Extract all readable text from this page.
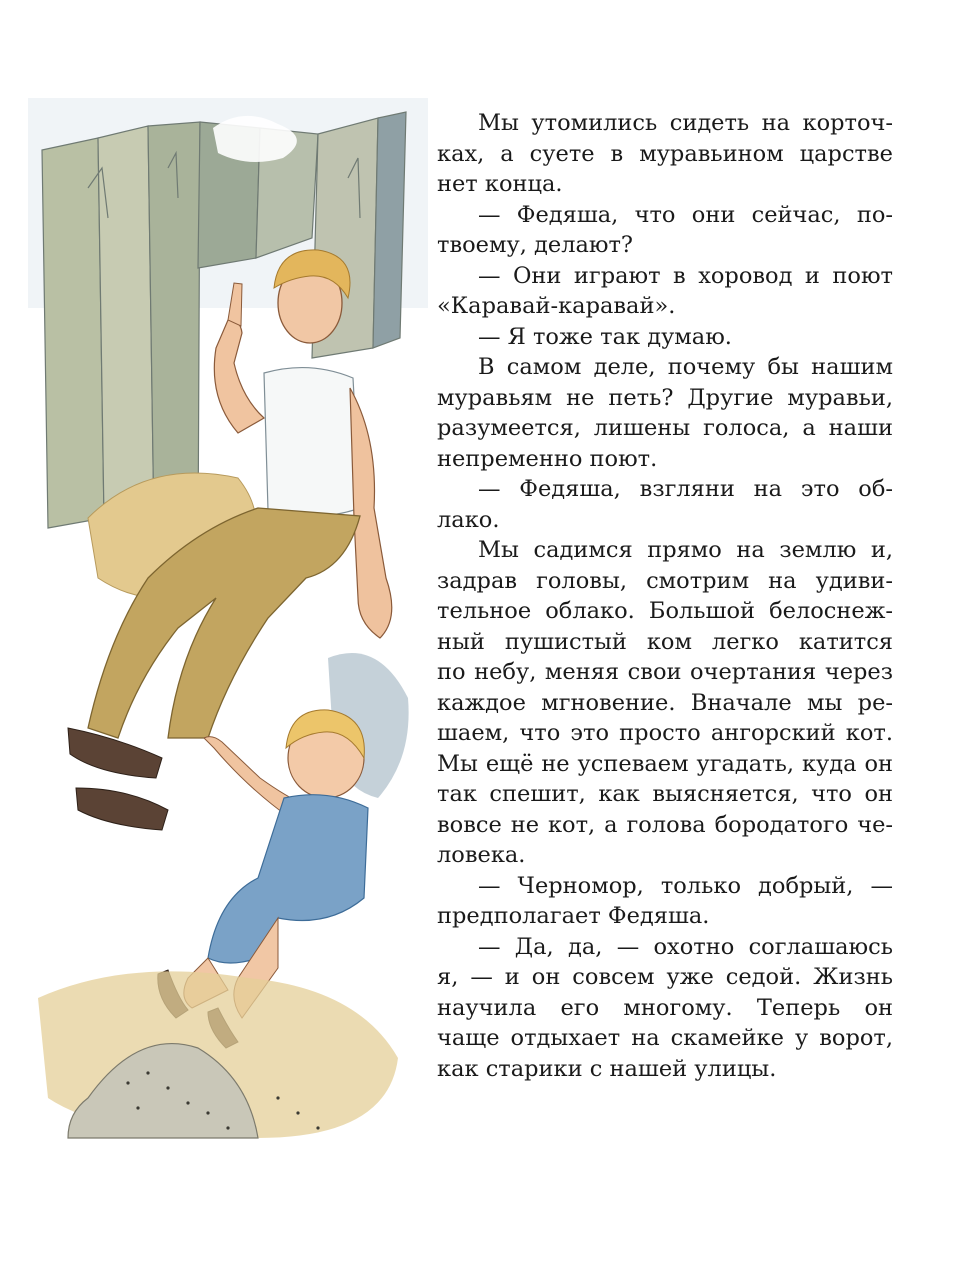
Мы утомились сидеть на корточ-
ках, а суете в муравьином царстве
нет конца.
— Федяша, что они сейчас, по-
твоему, делают?
— Они играют в хоровод и поют
«Каравай-каравай».
— Я тоже так думаю.
В самом деле, почему бы нашим
муравьям не петь? Другие муравьи,
разумеется, лишены голоса, а наши
непременно поют.
— Федяша, взгляни на это об-
лако.
Мы садимся прямо на землю и,
задрав головы, смотрим на удиви-
тельное облако. Большой белоснеж-
ный пушистый ком легко катится
по небу, меняя свои очертания через
каждое мгновение. Вначале мы ре-
шаем, что это просто ангорский кот.
Мы ещё не успеваем угадать, куда он
так спешит, как выясняется, что он
вовсе не кот, а голова бородатого че-
ловека.
— Черномор, только добрый, —
предполагает Федяша.
— Да, да, — охотно соглашаюсь
я, — и он совсем уже седой. Жизнь
научила его многому. Теперь он
чаще отдыхает на скамейке у ворот,
как старики с нашей улицы.
